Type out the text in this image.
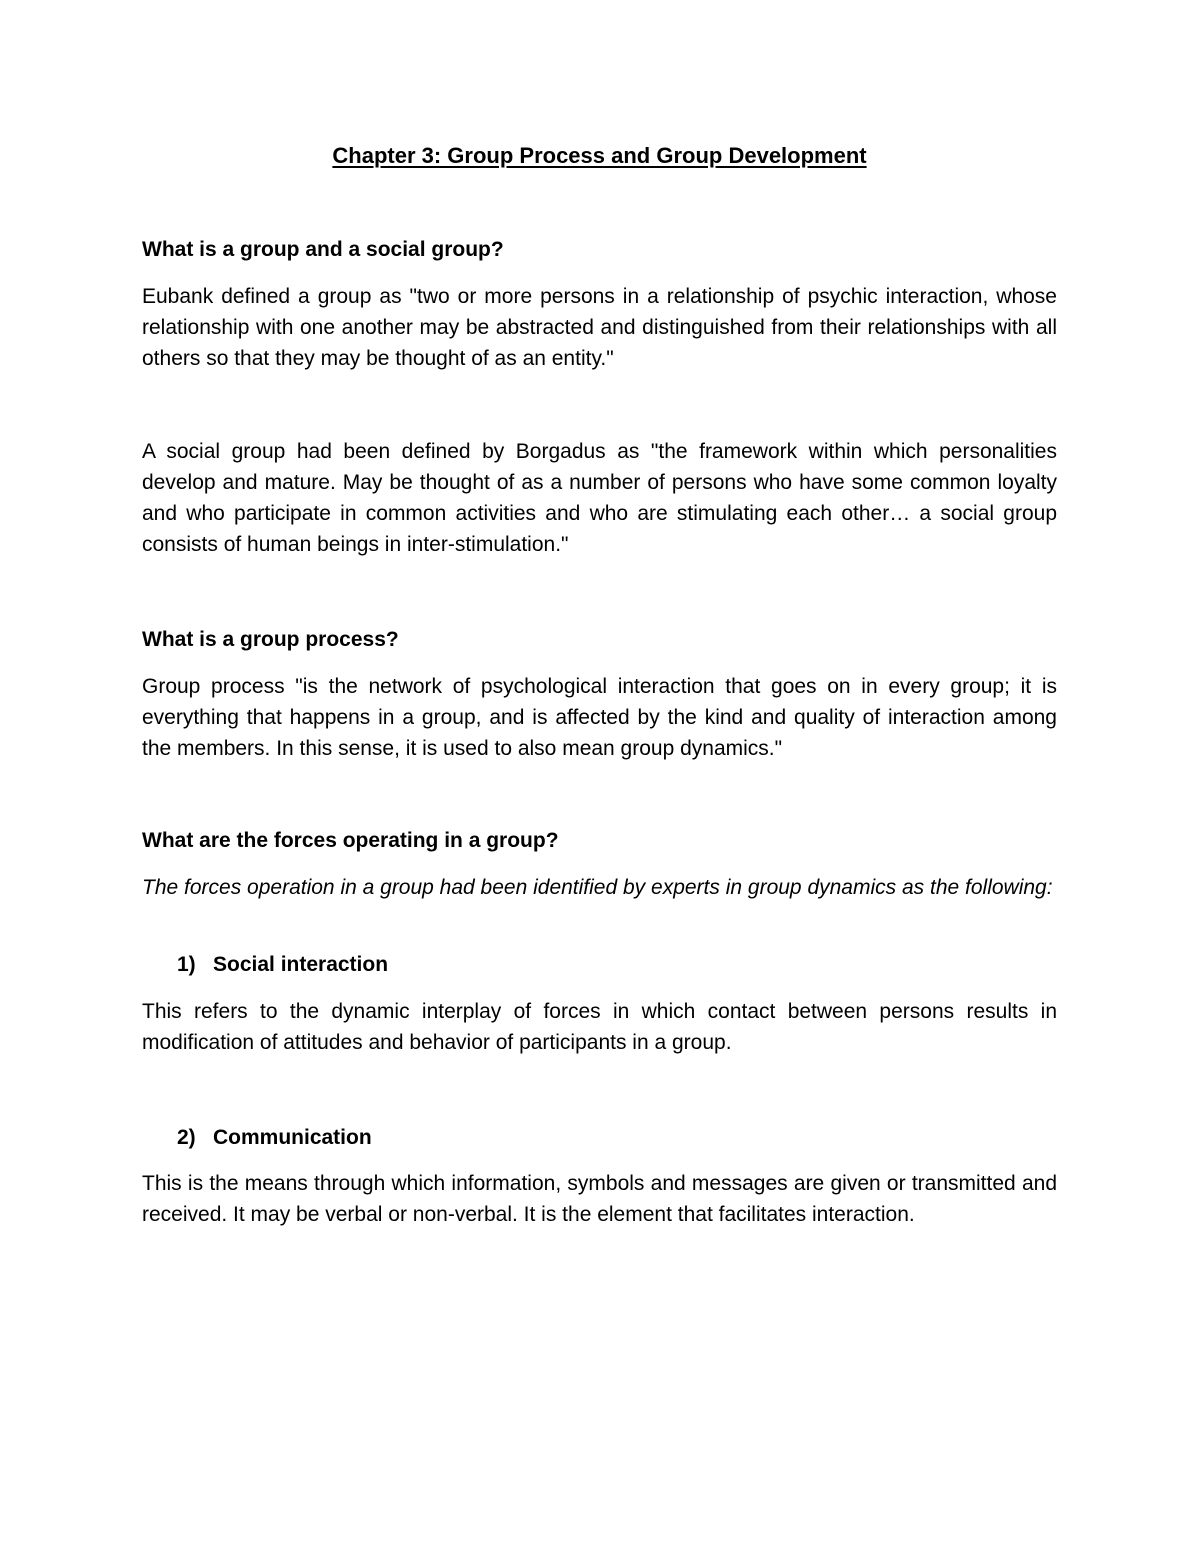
Chapter 3: Group Process and Group Development
What is a group and a social group?

Eubank defined a group as "two or more persons in a relationship of psychic interaction, whose relationship with one another may be abstracted and distinguished from their relationships with all others so that they may be thought of as an entity."

A social group had been defined by Borgadus as "the framework within which personalities develop and mature. May be thought of as a number of persons who have some common loyalty and who participate in common activities and who are stimulating each other… a social group consists of human beings in inter-stimulation."

What is a group process?

Group process "is the network of psychological interaction that goes on in every group; it is everything that happens in a group, and is affected by the kind and quality of interaction among the members. In this sense, it is used to also mean group dynamics."

What are the forces operating in a group?

The forces operation in a group had been identified by experts in group dynamics as the following:

1) Social interaction

This refers to the dynamic interplay of forces in which contact between persons results in modification of attitudes and behavior of participants in a group.

2) Communication

This is the means through which information, symbols and messages are given or transmitted and received. It may be verbal or non-verbal. It is the element that facilitates interaction.
